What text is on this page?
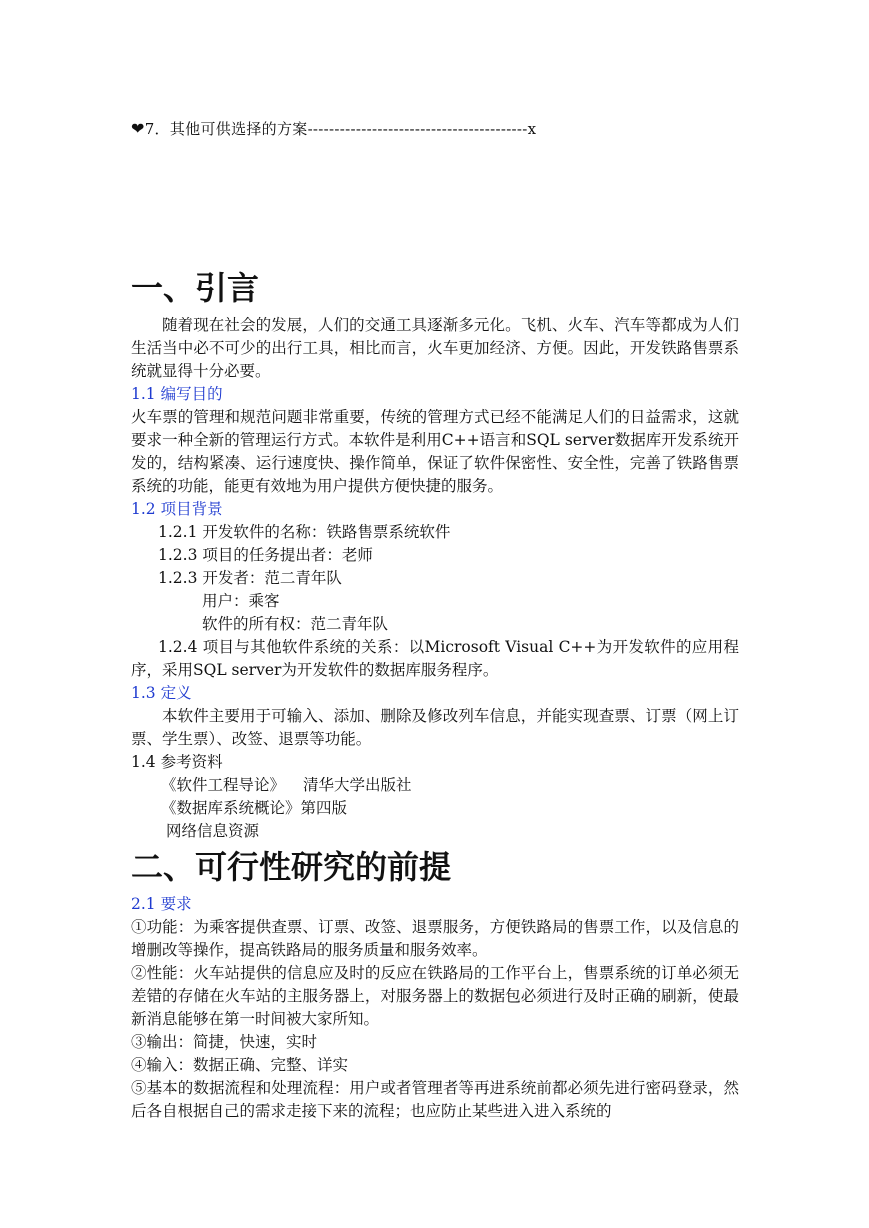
❤7．其他可供选择的方案-----------------------------------------x
一、引言

随着现在社会的发展，人们的交通工具逐渐多元化。飞机、火车、汽车等都成为人们生活当中必不可少的出行工具，相比而言，火车更加经济、方便。因此，开发铁路售票系统就显得十分必要。

1.1 编写目的

火车票的管理和规范问题非常重要，传统的管理方式已经不能满足人们的日益需求，这就要求一种全新的管理运行方式。本软件是利用C++语言和SQL server数据库开发系统开发的，结构紧凑、运行速度快、操作简单，保证了软件保密性、安全性，完善了铁路售票系统的功能，能更有效地为用户提供方便快捷的服务。

1.2 项目背景

1.2.1 开发软件的名称：铁路售票系统软件

1.2.3 项目的任务提出者：老师

1.2.3 开发者：范二青年队

用户：乘客

软件的所有权：范二青年队

1.2.4 项目与其他软件系统的关系：以Microsoft Visual C++为开发软件的应用程序，采用SQL server为开发软件的数据库服务程序。

1.3 定义

本软件主要用于可输入、添加、删除及修改列车信息，并能实现查票、订票（网上订票、学生票）、改签、退票等功能。

1.4 参考资料

《软件工程导论》 清华大学出版社

《数据库系统概论》第四版

网络信息资源

二、可行性研究的前提
2.1 要求

①功能：为乘客提供查票、订票、改签、退票服务，方便铁路局的售票工作，以及信息的增删改等操作，提高铁路局的服务质量和服务效率。

②性能：火车站提供的信息应及时的反应在铁路局的工作平台上，售票系统的订单必须无差错的存储在火车站的主服务器上，对服务器上的数据包必须进行及时正确的刷新，使最新消息能够在第一时间被大家所知。

③输出：简捷，快速，实时

④输入：数据正确、完整、详实

⑤基本的数据流程和处理流程：用户或者管理者等再进系统前都必须先进行密码登录，然后各自根据自己的需求走接下来的流程；也应防止某些进入进入系统的
